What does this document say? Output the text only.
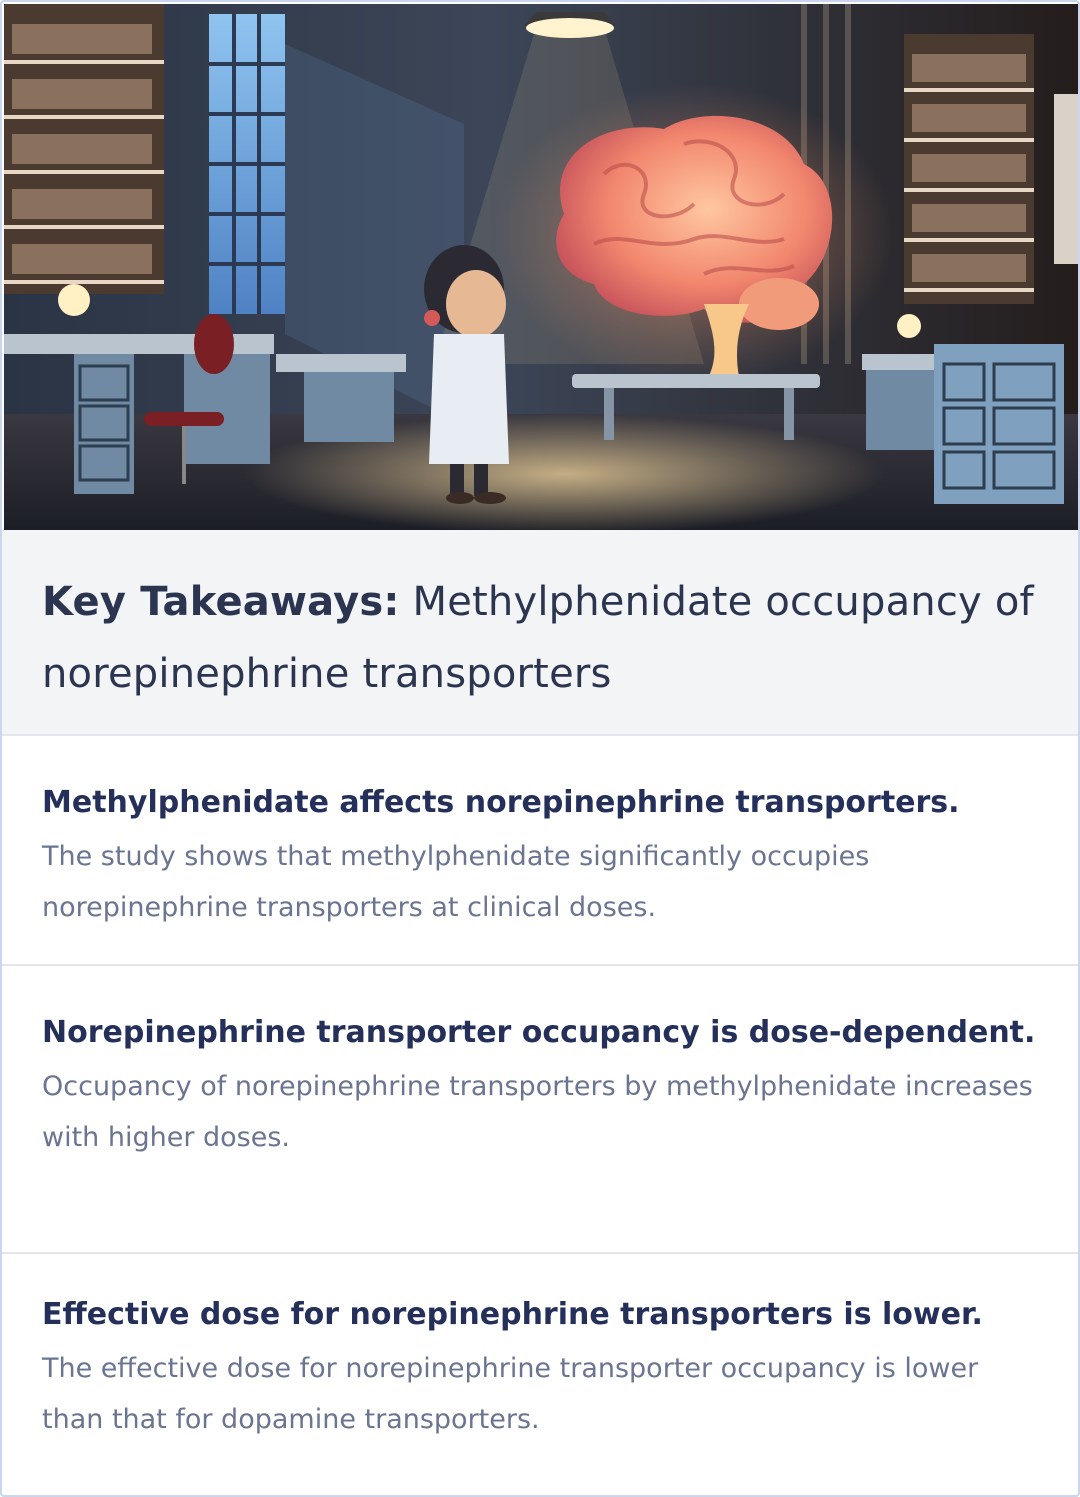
Key Takeaways: Methylphenidate occupancy of norepinephrine transporters
Methylphenidate affects norepinephrine transporters.

The study shows that methylphenidate significantly occupies norepinephrine transporters at clinical doses.

Norepinephrine transporter occupancy is dose-dependent.

Occupancy of norepinephrine transporters by methylphenidate increases with higher doses.

Effective dose for norepinephrine transporters is lower.

The effective dose for norepinephrine transporter occupancy is lower than that for dopamine transporters.
